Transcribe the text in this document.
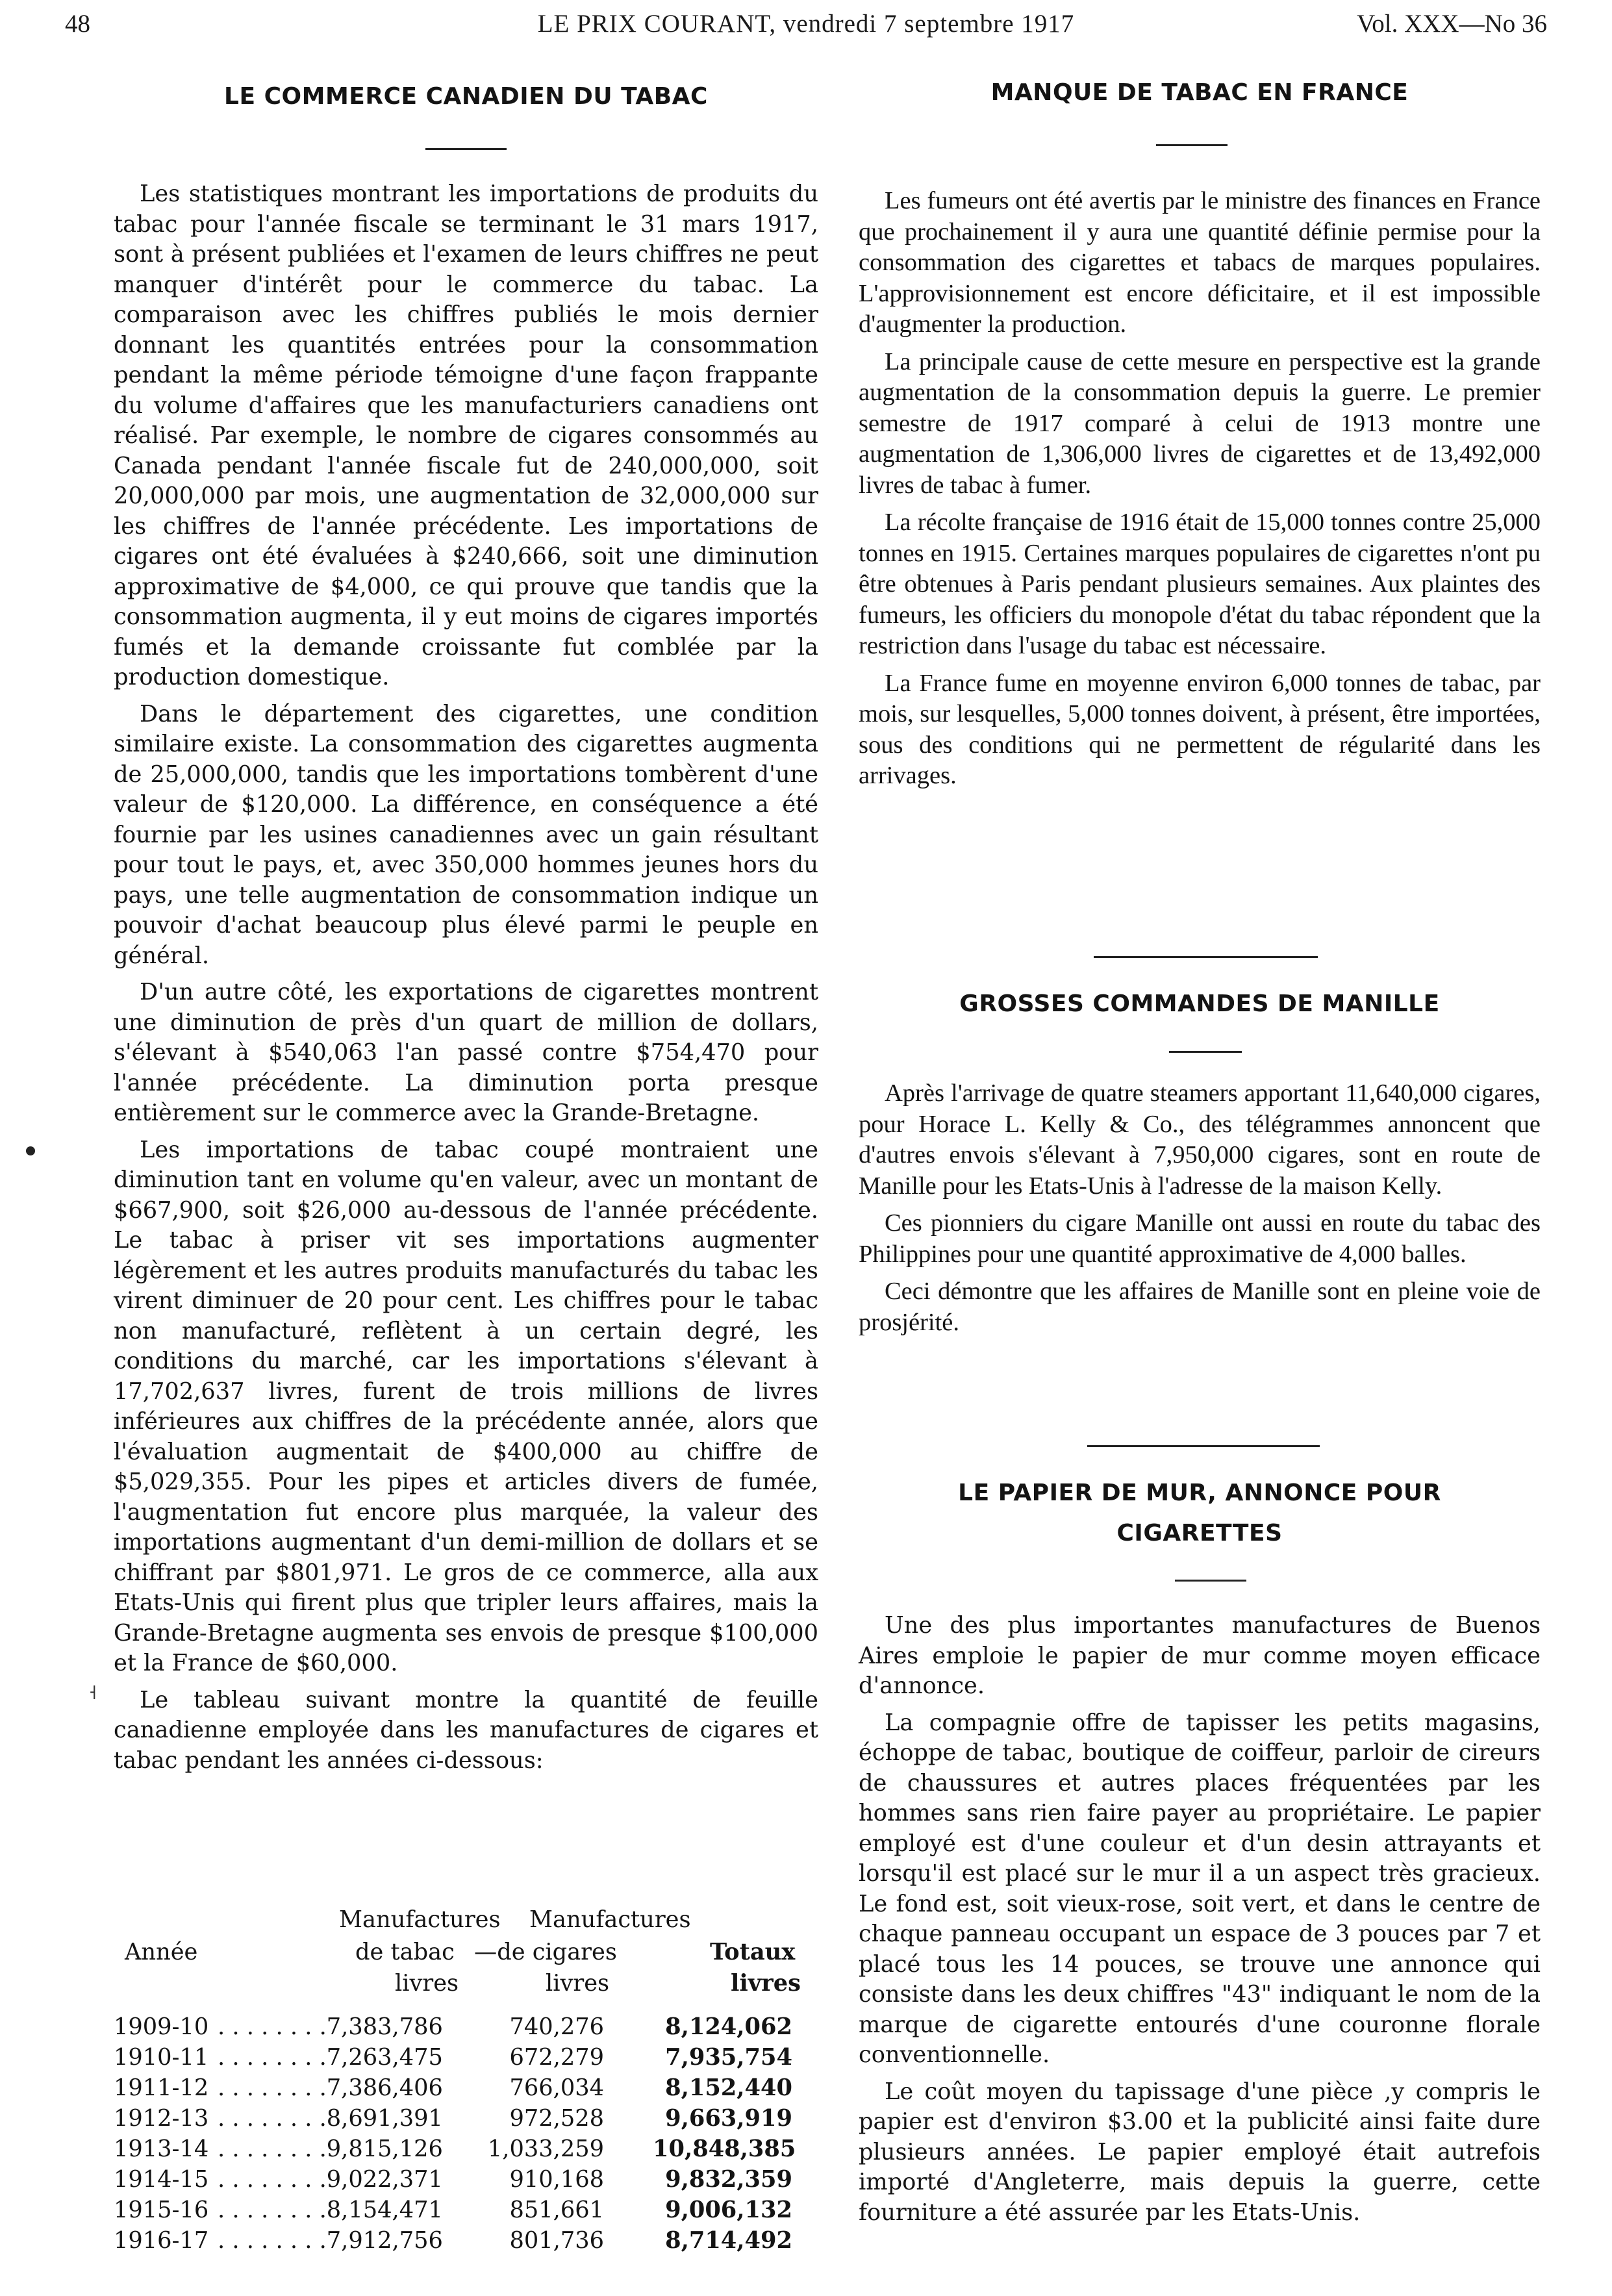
48	LE PRIX COURANT, vendredi 7 septembre 1917	Vol. XXX—No 36
LE COMMERCE CANADIEN DU TABAC

Les statistiques montrant les importations de produits du tabac pour l'année fiscale se terminant le 31 mars 1917, sont à présent publiées et l'examen de leurs chiffres ne peut manquer d'intérêt pour le commerce du tabac. La comparaison avec les chiffres publiés le mois dernier donnant les quantités entrées pour la consommation pendant la même période témoigne d'une façon frappante du volume d'affaires que les manufacturiers canadiens ont réalisé. Par exemple, le nombre de cigares consommés au Canada pendant l'année fiscale fut de 240,000,000, soit 20,000,000 par mois, une augmentation de 32,000,000 sur les chiffres de l'année précédente. Les importations de cigares ont été évaluées à $240,666, soit une diminution approximative de $4,000, ce qui prouve que tandis que la consommation augmenta, il y eut moins de cigares importés fumés et la demande croissante fut comblée par la production domestique.

Dans le département des cigarettes, une condition similaire existe. La consommation des cigarettes augmenta de 25,000,000, tandis que les importations tombèrent d'une valeur de $120,000. La différence, en conséquence a été fournie par les usines canadiennes avec un gain résultant pour tout le pays, et, avec 350,000 hommes jeunes hors du pays, une telle augmentation de consommation indique un pouvoir d'achat beaucoup plus élevé parmi le peuple en général.

D'un autre côté, les exportations de cigarettes montrent une diminution de près d'un quart de million de dollars, s'élevant à $540,063 l'an passé contre $754,470 pour l'année précédente. La diminution porta presque entièrement sur le commerce avec la Grande-Bretagne.

Les importations de tabac coupé montraient une diminution tant en volume qu'en valeur, avec un montant de $667,900, soit $26,000 au-dessous de l'année précédente. Le tabac à priser vit ses importations augmenter légèrement et les autres produits manufacturés du tabac les virent diminuer de 20 pour cent. Les chiffres pour le tabac non manufacturé, reflètent à un certain degré, les conditions du marché, car les importations s'élevant à 17,702,637 livres, furent de trois millions de livres inférieures aux chiffres de la précédente année, alors que l'évaluation augmentait de $400,000 au chiffre de $5,029,355. Pour les pipes et articles divers de fumée, l'augmentation fut encore plus marquée, la valeur des importations augmentant d'un demi-million de dollars et se chiffrant par $801,971. Le gros de ce commerce, alla aux Etats-Unis qui firent plus que tripler leurs affaires, mais la Grande-Bretagne augmenta ses envois de presque $100,000 et la France de $60,000.

Le tableau suivant montre la quantité de feuille canadienne employée dans les manufactures de cigares et tabac pendant les années ci-dessous:

Manufactures Manufactures
Année	de tabac —de cigares	Totaux
livres	livres	livres
1909-10 . . . . . . . .7,383,786	740,276	8,124,062
1910-11 . . . . . . . .7,263,475	672,279	7,935,754
1911-12 . . . . . . . .7,386,406	766,034	8,152,440
1912-13 . . . . . . . .8,691,391	972,528	9,663,919
1913-14 . . . . . . . .9,815,126	1,033,259 10,848,385
1914-15 . . . . . . . .9,022,371	910,168	9,832,359
1915-16 . . . . . . . .8,154,471	851,661	9,006,132
1916-17 . . . . . . . .7,912,756	801,736	8,714,492
˧
MANQUE DE TABAC EN FRANCE

Les fumeurs ont été avertis par le ministre des finances en France que prochainement il y aura une quantité définie permise pour la consommation des cigarettes et tabacs de marques populaires. L'approvisionnement est encore déficitaire, et il est impossible d'augmenter la production.

La principale cause de cette mesure en perspective est la grande augmentation de la consommation depuis la guerre. Le premier semestre de 1917 comparé à celui de 1913 montre une augmentation de 1,306,000 livres de cigarettes et de 13,492,000 livres de tabac à fumer.

La récolte française de 1916 était de 15,000 tonnes contre 25,000 tonnes en 1915. Certaines marques populaires de cigarettes n'ont pu être obtenues à Paris pendant plusieurs semaines. Aux plaintes des fumeurs, les officiers du monopole d'état du tabac répondent que la restriction dans l'usage du tabac est nécessaire.

La France fume en moyenne environ 6,000 tonnes de tabac, par mois, sur lesquelles, 5,000 tonnes doivent, à présent, être importées, sous des conditions qui ne permettent de régularité dans les arrivages.

GROSSES COMMANDES DE MANILLE

Après l'arrivage de quatre steamers apportant 11,640,000 cigares, pour Horace L. Kelly & Co., des télégrammes annoncent que d'autres envois s'élevant à 7,950,000 cigares, sont en route de Manille pour les Etats-Unis à l'adresse de la maison Kelly.

Ces pionniers du cigare Manille ont aussi en route du tabac des Philippines pour une quantité approximative de 4,000 balles.

Ceci démontre que les affaires de Manille sont en pleine voie de prosjérité.

LE PAPIER DE MUR, ANNONCE POUR CIGARETTES

Une des plus importantes manufactures de Buenos Aires emploie le papier de mur comme moyen efficace d'annonce.

La compagnie offre de tapisser les petits magasins, échoppe de tabac, boutique de coiffeur, parloir de cireurs de chaussures et autres places fréquentées par les hommes sans rien faire payer au propriétaire. Le papier employé est d'une couleur et d'un desin attrayants et lorsqu'il est placé sur le mur il a un aspect très gracieux. Le fond est, soit vieux-rose, soit vert, et dans le centre de chaque panneau occupant un espace de 3 pouces par 7 et placé tous les 14 pouces, se trouve une annonce qui consiste dans les deux chiffres "43" indiquant le nom de la marque de cigarette entourés d'une couronne florale conventionnelle.

Le coût moyen du tapissage d'une pièce ,y compris le papier est d'environ $3.00 et la publicité ainsi faite dure plusieurs années. Le papier employé était autrefois importé d'Angleterre, mais depuis la guerre, cette fourniture a été assurée par les Etats-Unis.
